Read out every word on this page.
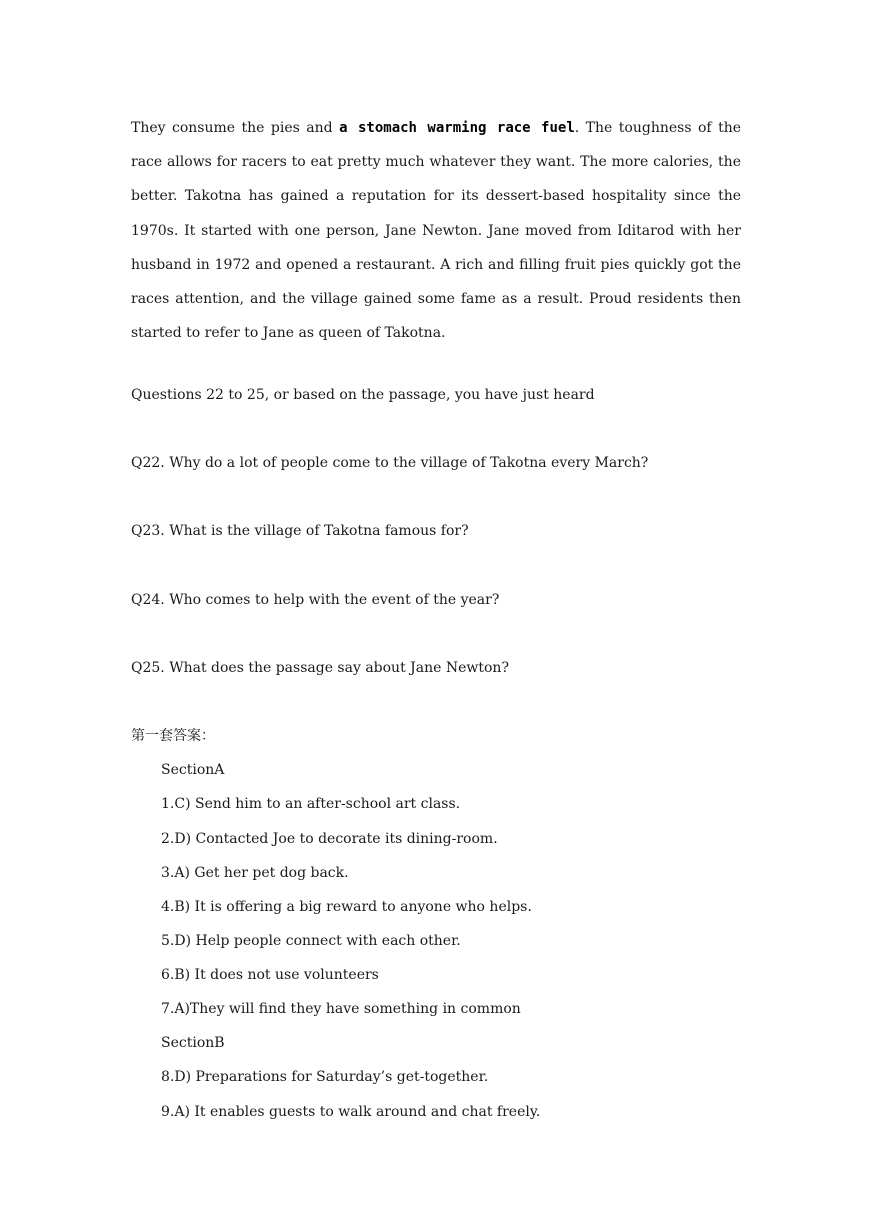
They consume the pies and a stomach warming race fuel. The toughness of the race allows for racers to eat pretty much whatever they want. The more calories, the better. Takotna has gained a reputation for its dessert-based hospitality since the 1970s. It started with one person, Jane Newton. Jane moved from Iditarod with her husband in 1972 and opened a restaurant. A rich and filling fruit pies quickly got the races attention, and the village gained some fame as a result. Proud residents then started to refer to Jane as queen of Takotna.

Questions 22 to 25, or based on the passage, you have just heard

Q22. Why do a lot of people come to the village of Takotna every March?

Q23. What is the village of Takotna famous for?

Q24. Who comes to help with the event of the year?

Q25. What does the passage say about Jane Newton?

第一套答案：

SectionA

1.C) Send him to an after-school art class.

2.D) Contacted Joe to decorate its dining-room.

3.A) Get her pet dog back.

4.B) It is offering a big reward to anyone who helps.

5.D) Help people connect with each other.

6.B) It does not use volunteers

7.A)They will find they have something in common

SectionB

8.D) Preparations for Saturday’s get-together.

9.A) It enables guests to walk around and chat freely.
